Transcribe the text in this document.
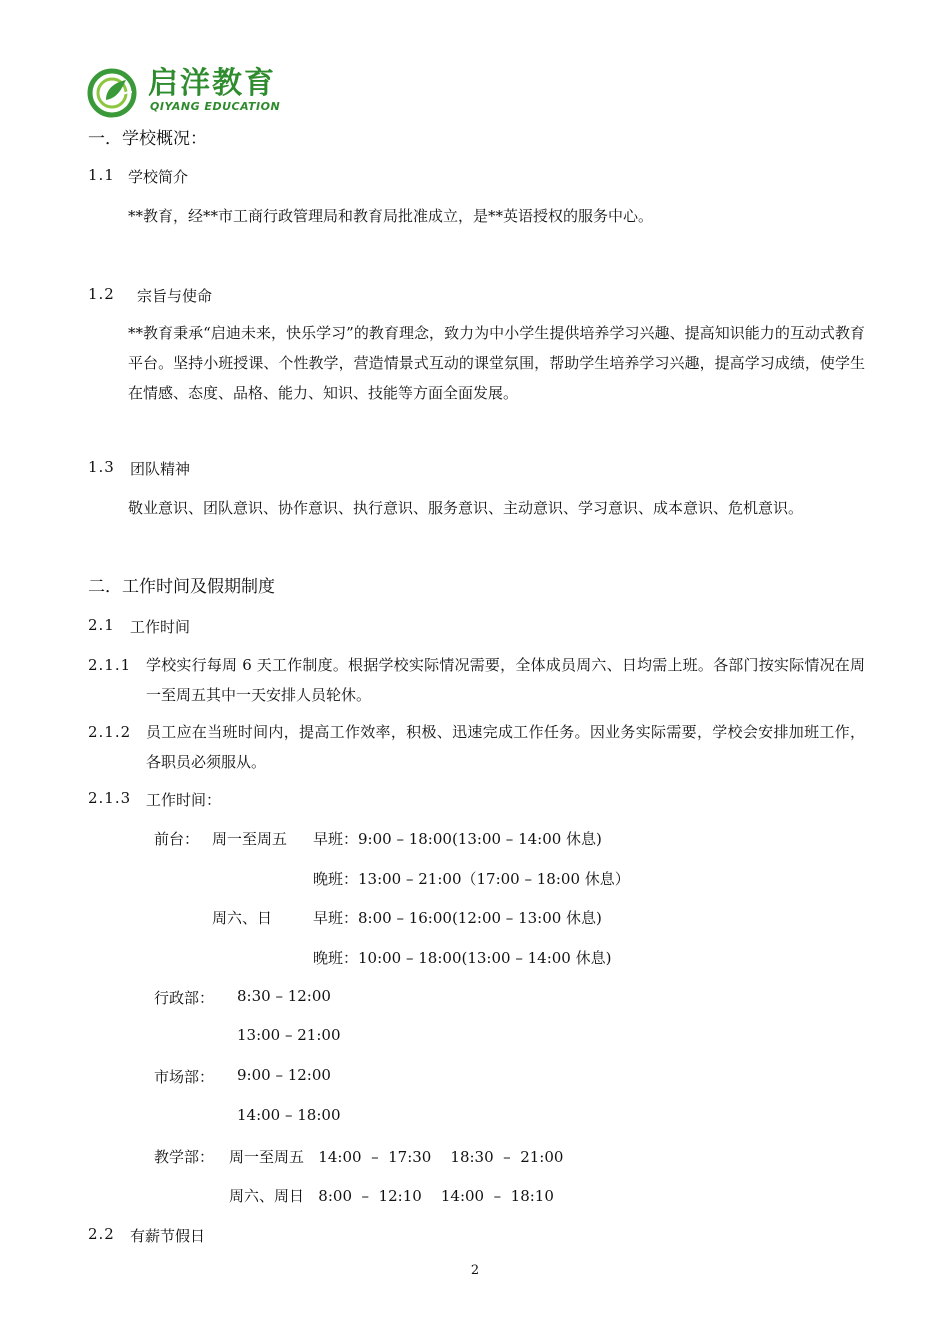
启洋教育
QIYANG EDUCATION
一．学校概况：
1.1 学校简介
**教育，经**市工商行政管理局和教育局批准成立，是**英语授权的服务中心。
1.2 宗旨与使命
**教育秉承“启迪未来，快乐学习”的教育理念，致力为中小学生提供培养学习兴趣、提高知识能力的互动式教育平台。坚持小班授课、个性教学，营造情景式互动的课堂氛围，帮助学生培养学习兴趣，提高学习成绩，使学生在情感、态度、品格、能力、知识、技能等方面全面发展。
1.3 团队精神
敬业意识、团队意识、协作意识、执行意识、服务意识、主动意识、学习意识、成本意识、危机意识。
二．工作时间及假期制度
2.1 工作时间
2.1.1 学校实行每周 6 天工作制度。根据学校实际情况需要，全体成员周六、日均需上班。各部门按实际情况在周一至周五其中一天安排人员轮休。
2.1.2 员工应在当班时间内，提高工作效率，积极、迅速完成工作任务。因业务实际需要，学校会安排加班工作，各职员必须服从。
2.1.3 工作时间：
前台： 周一至周五 早班：9:00 – 18:00(13:00 – 14:00 休息)
晚班：13:00 – 21:00（17:00 – 18:00 休息）
周六、日	早班：8:00 – 16:00(12:00 – 13:00 休息)
晚班：10:00 – 18:00(13:00 – 14:00 休息)
行政部： 8:30 – 12:00
13:00 – 21:00
市场部： 9:00 – 12:00
14:00 – 18:00
教学部： 周一至周五   14:00  –  17:30    18:30  –  21:00
周六、周日   8:00  –  12:10    14:00  –  18:10
2.2 有薪节假日
2
